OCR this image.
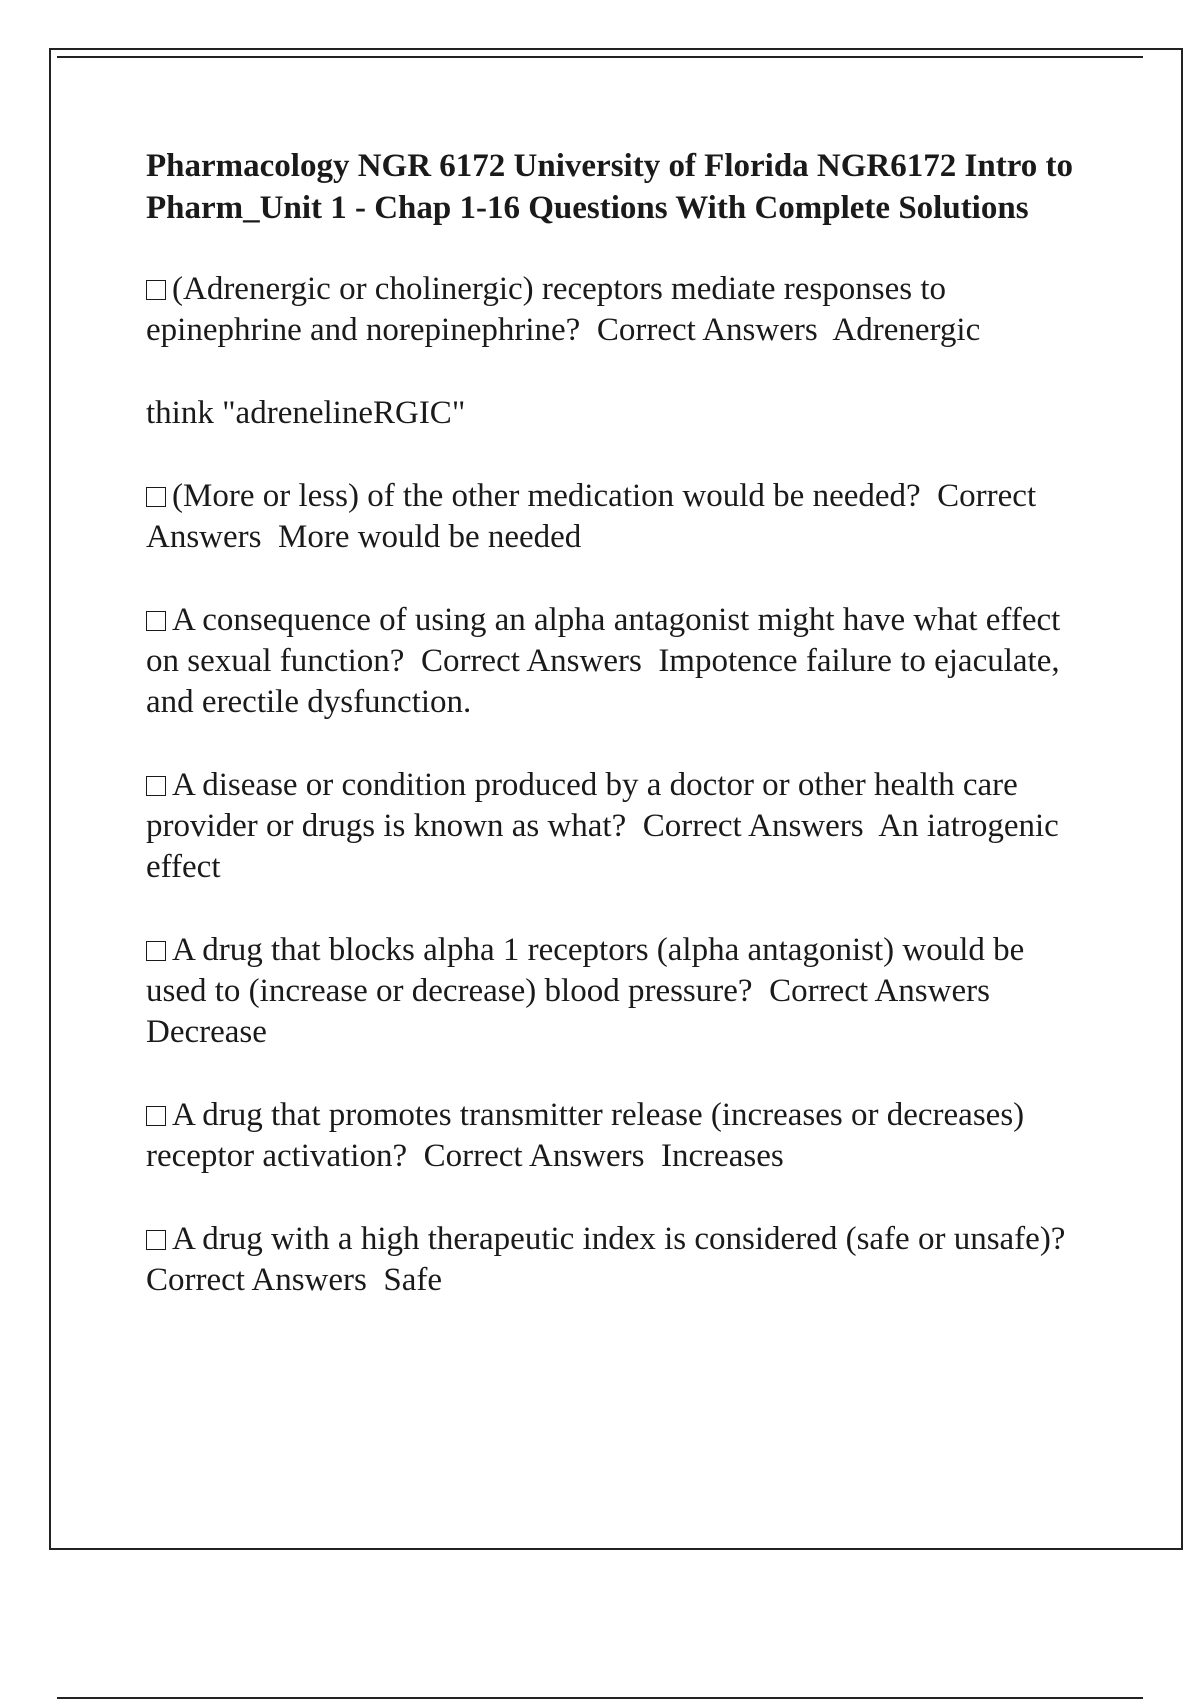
Pharmacology NGR 6172 University of Florida NGR6172 Intro to Pharm_Unit 1 - Chap 1-16 Questions With Complete Solutions

(Adrenergic or cholinergic) receptors mediate responses to epinephrine and norepinephrine? Correct Answers Adrenergic

think "adrenelineRGIC"

(More or less) of the other medication would be needed? Correct Answers More would be needed

A consequence of using an alpha antagonist might have what effect on sexual function? Correct Answers Impotence failure to ejaculate, and erectile dysfunction.

A disease or condition produced by a doctor or other health care provider or drugs is known as what? Correct Answers An iatrogenic effect

A drug that blocks alpha 1 receptors (alpha antagonist) would be used to (increase or decrease) blood pressure? Correct Answers  Decrease

A drug that promotes transmitter release (increases or decreases) receptor activation? Correct Answers Increases

A drug with a high therapeutic index is considered (safe or unsafe)?  Correct Answers Safe
